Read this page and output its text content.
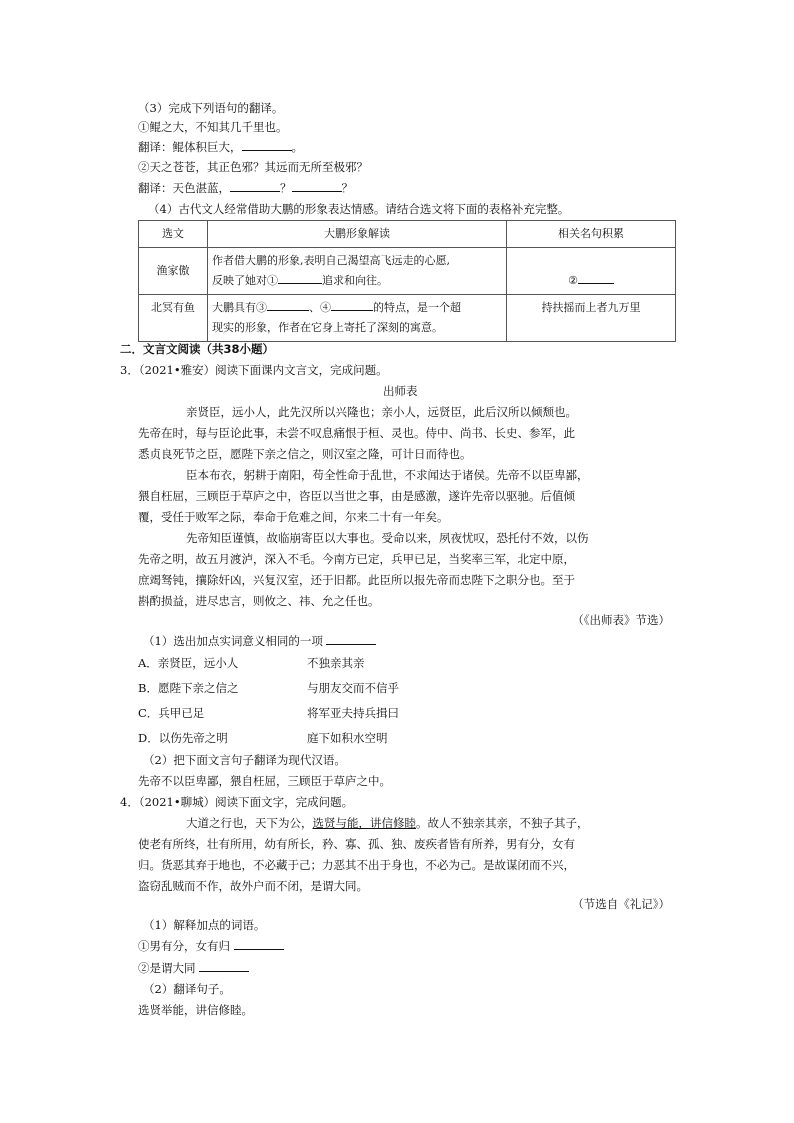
（3）完成下列语句的翻译。
①鲲之大，不知其几千里也。
翻译：鲲体积巨大，	。
②天之苍苍，其正色邪？其远而无所至极邪？
翻译：天色湛蓝，	？	？
（4）古代文人经常借助大鹏的形象表达情感。请结合选文将下面的表格补充完整。
选文	大鹏形象解读	相关名句积累
渔家傲	作者借大鹏的形象,表明自己渴望高飞远走的心愿,
反映了她对① 追求和向往。	②
北冥有鱼	大鹏具有③ 、④ 的特点，是一个超
现实的形象，作者在它身上寄托了深刻的寓意。	持扶摇而上者九万里
二．文言文阅读（共38小题）
3．（2021•雅安）阅读下面课内文言文，完成问题。
出师表
亲贤臣，远小人，此先汉所以兴隆也；亲小人，远贤臣，此后汉所以倾颓也。
先帝在时，每与臣论此事，未尝不叹息痛恨于桓、灵也。侍中、尚书、长史、参军，此
悉贞良死节之臣，愿陛下亲之信之，则汉室之隆，可计日而待也。
臣本布衣，躬耕于南阳，苟全性命于乱世，不求闻达于诸侯。先帝不以臣卑鄙，
猥自枉屈，三顾臣于草庐之中，咨臣以当世之事，由是感激，遂许先帝以驱驰。后值倾
覆，受任于败军之际，奉命于危难之间，尔来二十有一年矣。
先帝知臣谨慎，故临崩寄臣以大事也。受命以来，夙夜忧叹，恐托付不效，以伤
先帝之明，故五月渡泸，深入不毛。今南方已定，兵甲已足，当奖率三军，北定中原，
庶竭驽钝，攘除奸凶，兴复汉室，还于旧都。此臣所以报先帝而忠陛下之职分也。至于
斟酌损益，进尽忠言，则攸之、祎、允之任也。
（《出师表》节选）
（1）选出加点实词意义相同的一项
A．亲贤臣，远小人	不独亲其亲
B．愿陛下亲之信之	与朋友交而不信乎
C．兵甲已足	将军亚夫持兵揖曰
D．以伤先帝之明	庭下如积水空明
（2）把下面文言句子翻译为现代汉语。
先帝不以臣卑鄙，猥自枉屈，三顾臣于草庐之中。
4．（2021•聊城）阅读下面文字，完成问题。
大道之行也，天下为公，选贤与能，讲信修睦。故人不独亲其亲，不独子其子，
使老有所终，壮有所用，幼有所长，矜、寡、孤、独、废疾者皆有所养，男有分，女有
归。货恶其弃于地也，不必藏于己；力恶其不出于身也，不必为己。是故谋闭而不兴，
盗窃乱贼而不作，故外户而不闭，是谓大同。
（节选自《礼记》）
（1）解释加点的词语。
①男有分，女有归
②是谓大同
（2）翻译句子。
选贤举能，讲信修睦。
